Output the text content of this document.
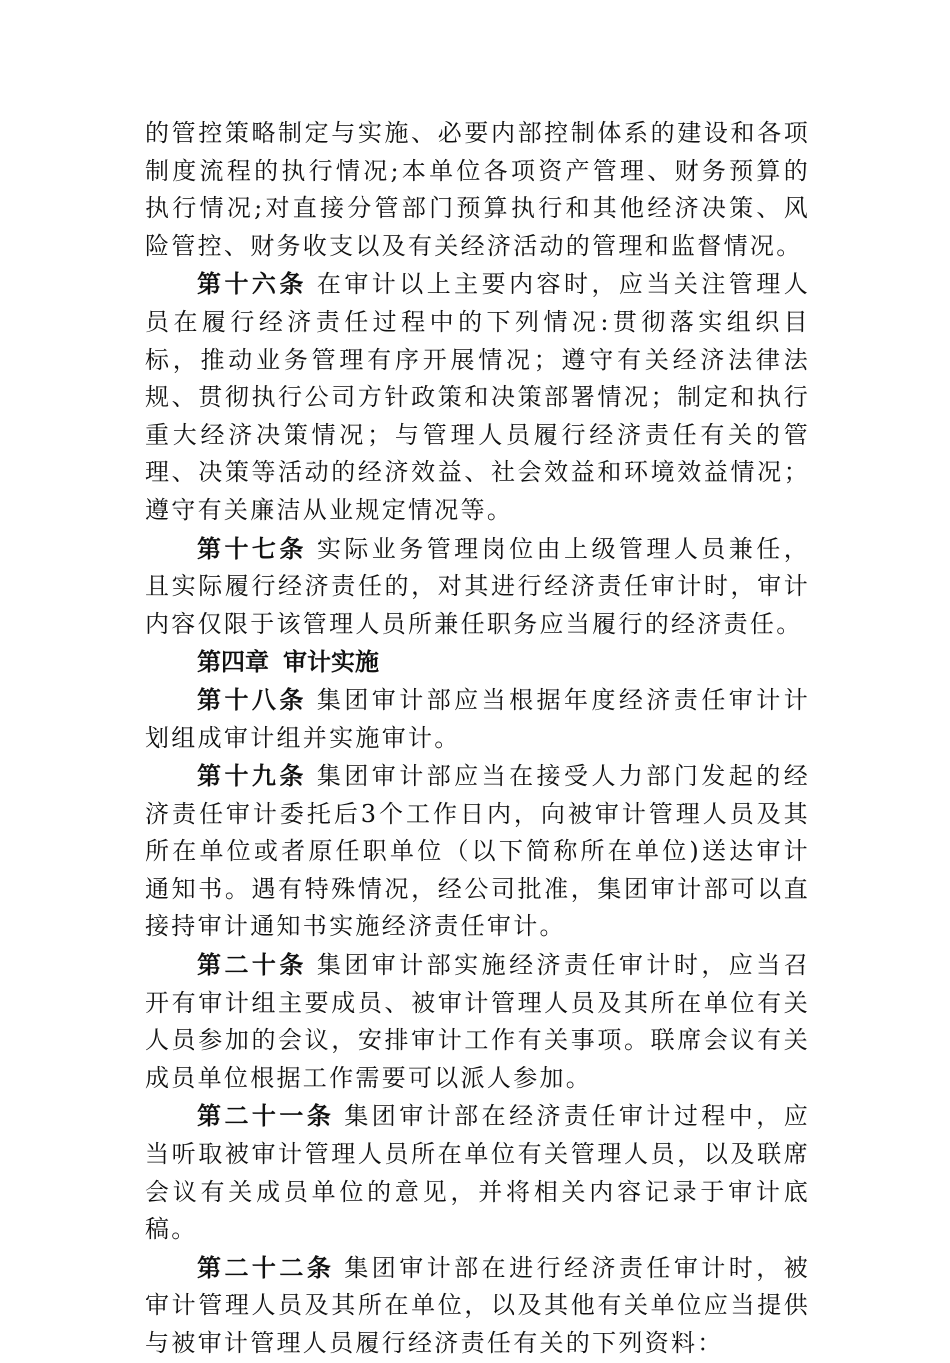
的管控策略制定与实施、必要内部控制体系的建设和各项制度流程的执行情况;本单位各项资产管理、财务预算的执行情况;对直接分管部门预算执行和其他经济决策、风险管控、财务收支以及有关经济活动的管理和监督情况。

第十六条 在审计以上主要内容时，应当关注管理人员在履行经济责任过程中的下列情况:贯彻落实组织目标，推动业务管理有序开展情况；遵守有关经济法律法规、贯彻执行公司方针政策和决策部署情况；制定和执行重大经济决策情况；与管理人员履行经济责任有关的管理、决策等活动的经济效益、社会效益和环境效益情况；遵守有关廉洁从业规定情况等。

第十七条 实际业务管理岗位由上级管理人员兼任，且实际履行经济责任的，对其进行经济责任审计时，审计内容仅限于该管理人员所兼任职务应当履行的经济责任。

第四章 审计实施

第十八条 集团审计部应当根据年度经济责任审计计划组成审计组并实施审计。

第十九条 集团审计部应当在接受人力部门发起的经济责任审计委托后3个工作日内，向被审计管理人员及其所在单位或者原任职单位（以下简称所在单位)送达审计通知书。遇有特殊情况，经公司批准，集团审计部可以直接持审计通知书实施经济责任审计。

第二十条 集团审计部实施经济责任审计时，应当召开有审计组主要成员、被审计管理人员及其所在单位有关人员参加的会议，安排审计工作有关事项。联席会议有关成员单位根据工作需要可以派人参加。

第二十一条 集团审计部在经济责任审计过程中，应当听取被审计管理人员所在单位有关管理人员，以及联席会议有关成员单位的意见，并将相关内容记录于审计底稿。

第二十二条 集团审计部在进行经济责任审计时，被审计管理人员及其所在单位，以及其他有关单位应当提供与被审计管理人员履行经济责任有关的下列资料：
